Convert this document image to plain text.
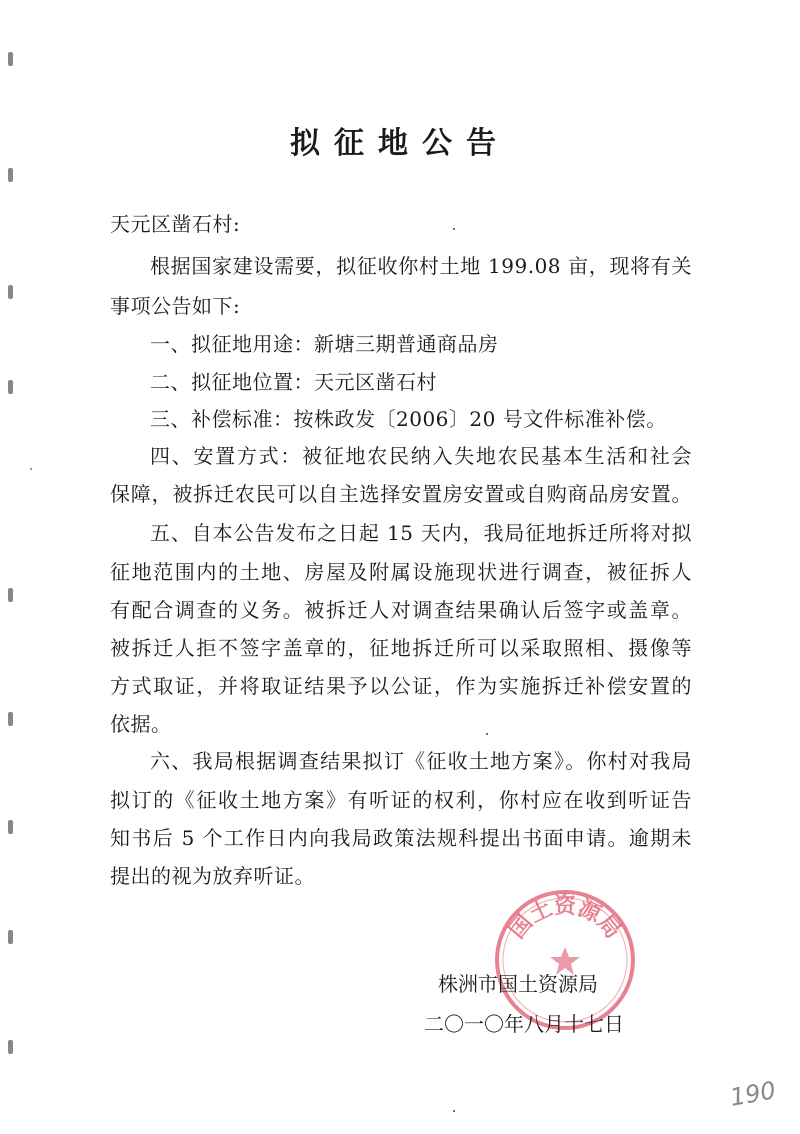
拟征地公告
天元区凿石村:
根据国家建设需要，拟征收你村土地 199.08 亩，现将有关
事项公告如下:
一、拟征地用途：新塘三期普通商品房
二、拟征地位置：天元区凿石村
三、补偿标准：按株政发〔2006〕20 号文件标准补偿。
四、安置方式：被征地农民纳入失地农民基本生活和社会
保障，被拆迁农民可以自主选择安置房安置或自购商品房安置。
五、自本公告发布之日起 15 天内，我局征地拆迁所将对拟
征地范围内的土地、房屋及附属设施现状进行调查，被征拆人
有配合调查的义务。被拆迁人对调查结果确认后签字或盖章。
被拆迁人拒不签字盖章的，征地拆迁所可以采取照相、摄像等
方式取证，并将取证结果予以公证，作为实施拆迁补偿安置的
依据。
六、我局根据调查结果拟订《征收土地方案》。你村对我局
拟订的《征收土地方案》有听证的权利，你村应在收到听证告
知书后 5 个工作日内向我局政策法规科提出书面申请。逾期未
提出的视为放弃听证。
国土资源局
株洲市国土资源局
二〇一〇年八月十七日
190
